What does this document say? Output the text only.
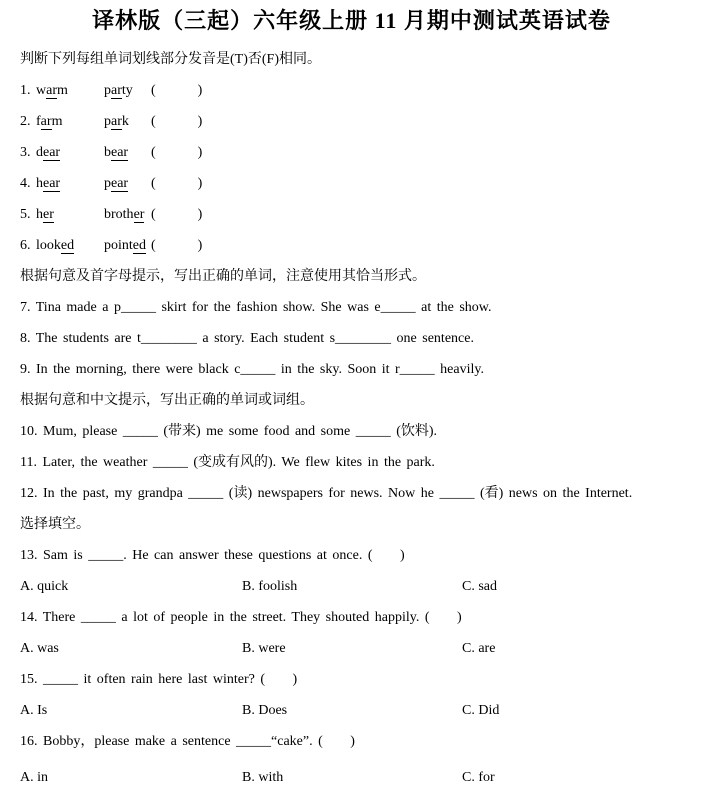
译林版（三起）六年级上册 11 月期中测试英语试卷

判断下列每组单词划线部分发音是(T)否(F)相同。

1. warm	party (	)
2. farm	park (	)
3. dear	bear (	)
4. hear	pear (	)
5. her	brother (	)
6. looked pointed (	)

根据句意及首字母提示，写出正确的单词，注意使用其恰当形式。

7. Tina made a p_____ skirt for the fashion show. She was e_____ at the show.

8. The students are t________ a story. Each student s________ one sentence.

9. In the morning, there were black c_____ in the sky. Soon it r_____ heavily.

根据句意和中文提示，写出正确的单词或词组。

10. Mum, please _____ (带来) me some food and some _____ (饮料).

11. Later, the weather _____ (变成有风的). We flew kites in the park.

12. In the past, my grandpa _____ (读) newspapers for news. Now he _____ (看) news on the Internet.

选择填空。

13. Sam is _____. He can answer these questions at once. (     )

A. quick	B. foolish	C. sad

14. There _____ a lot of people in the street. They shouted happily. (     )

A. was	B. were	C. are

15. _____ it often rain here last winter? (     )

A. Is	B. Does	C. Did

16. Bobby，please make a sentence _____“cake”. (     )

A. in	B. with	C. for
